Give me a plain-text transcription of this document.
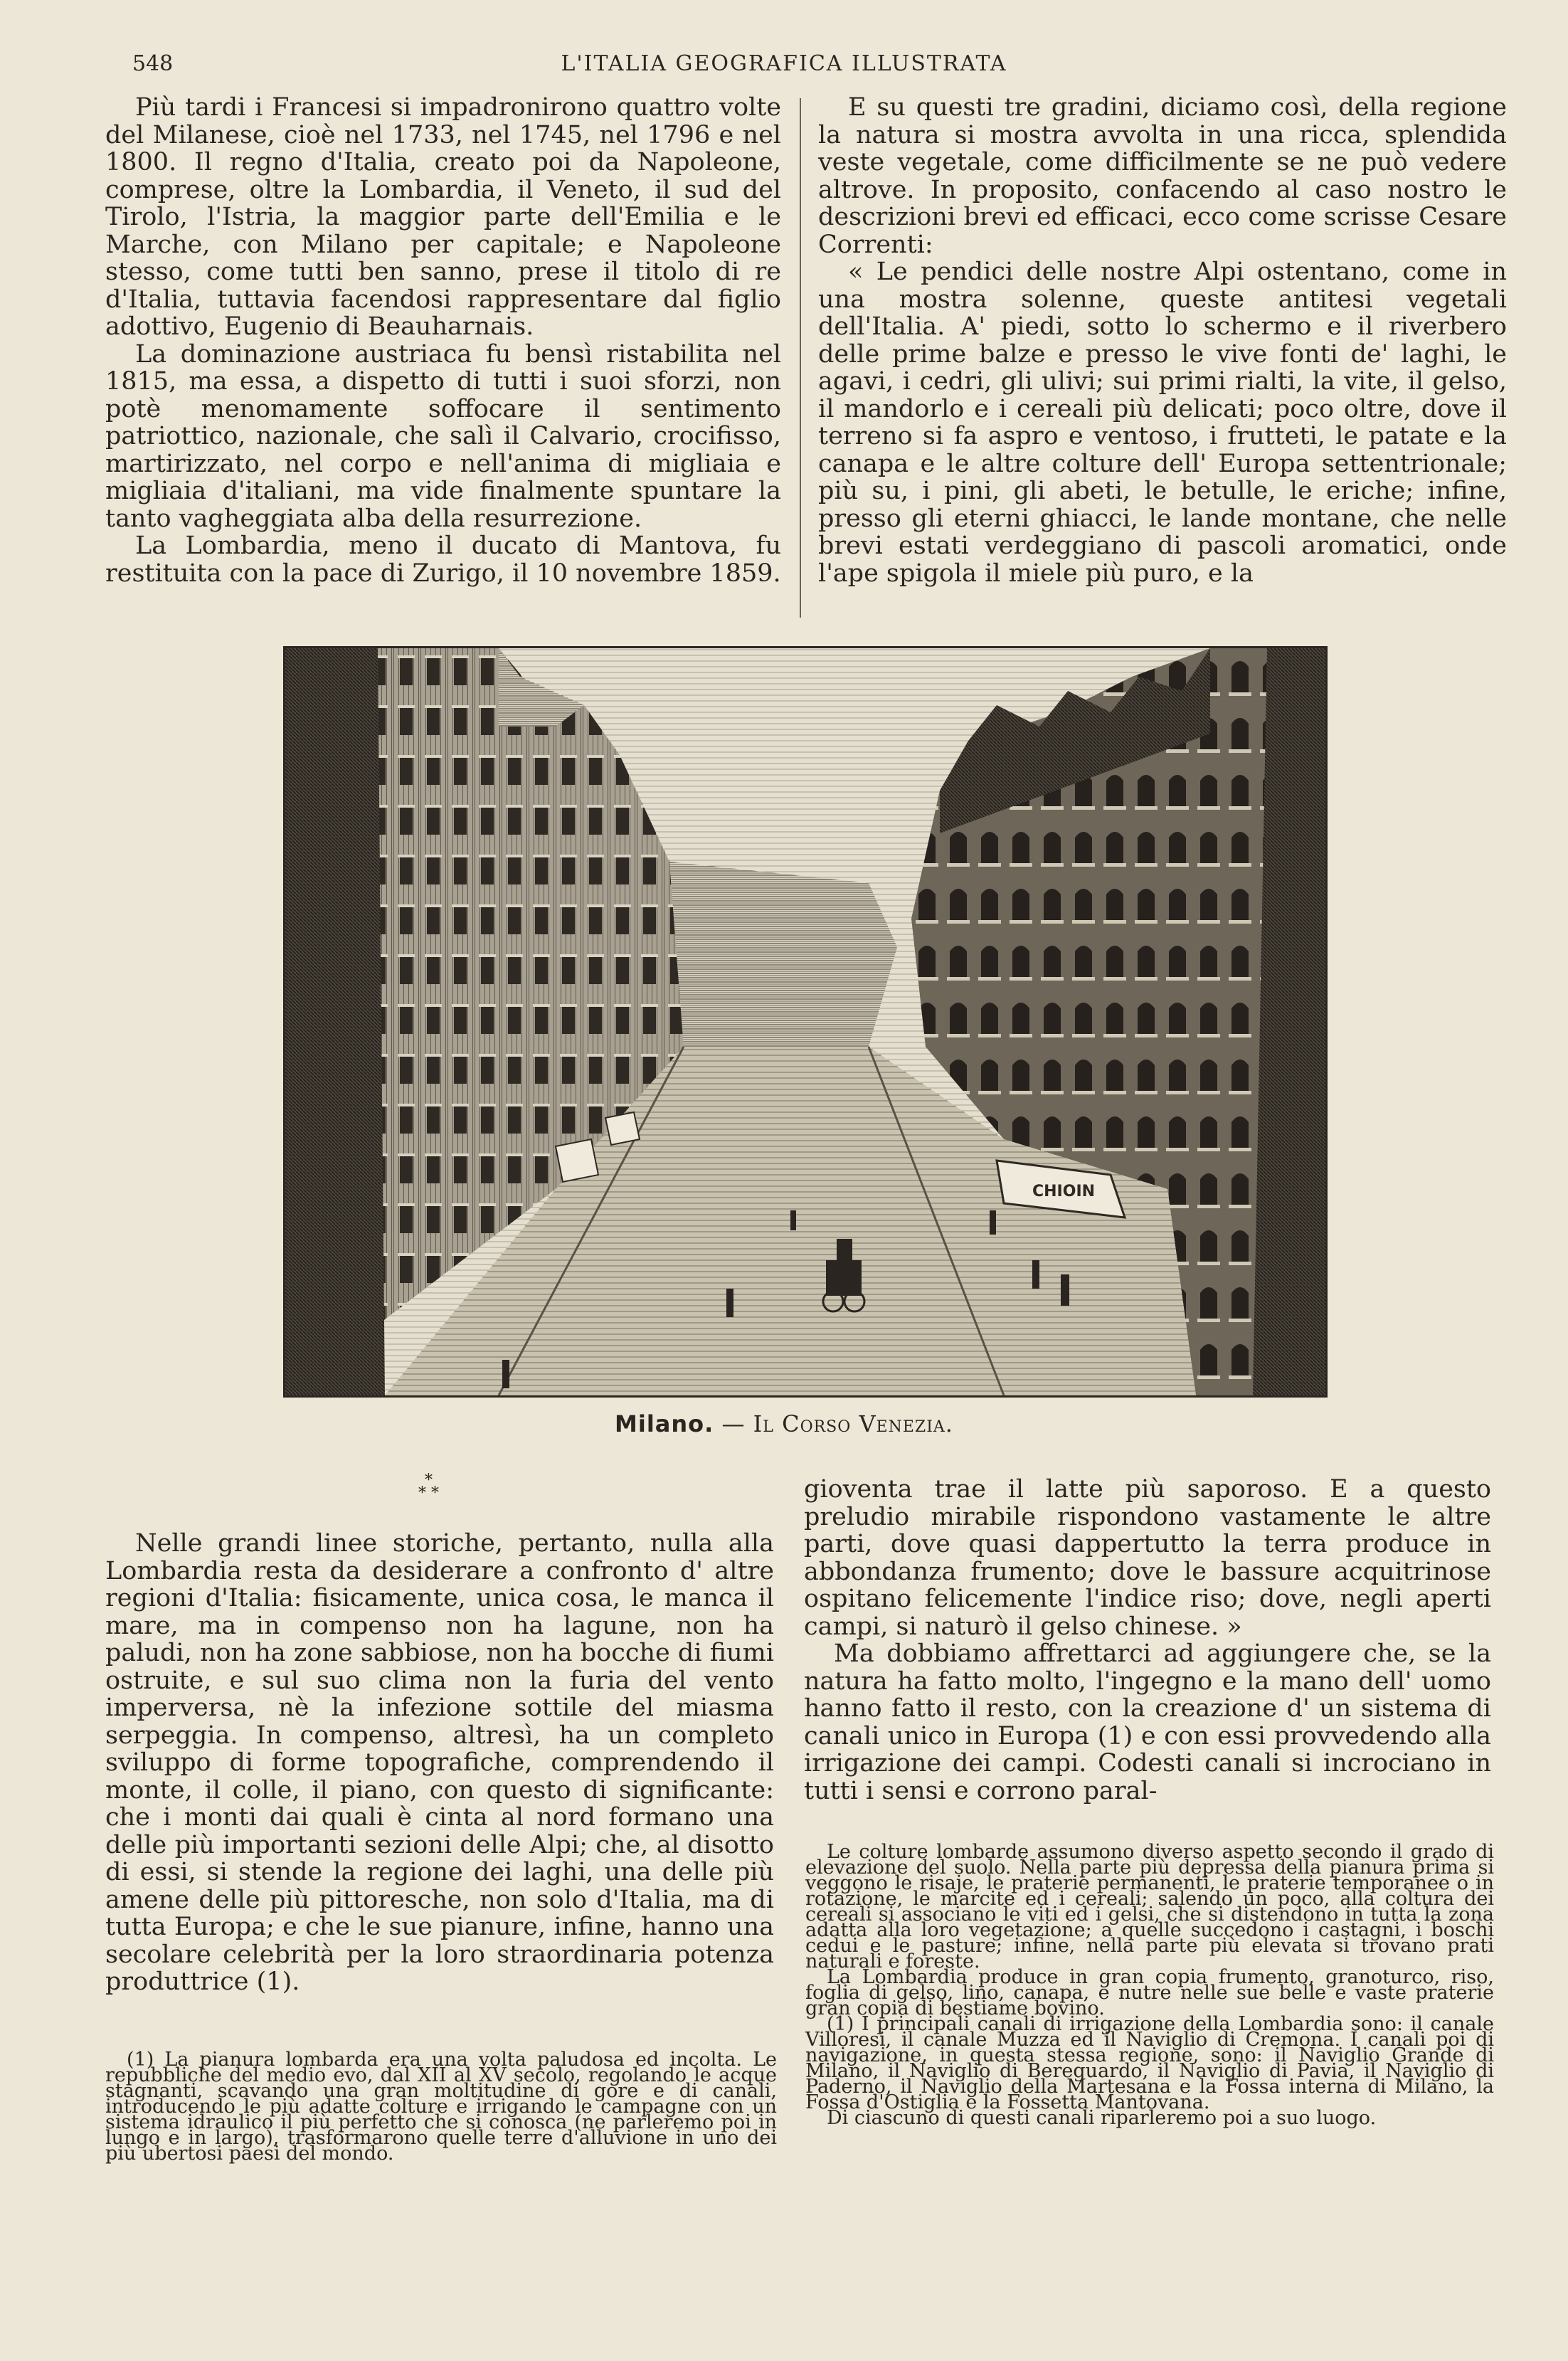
548	L'ITALIA GEOGRAFICA ILLUSTRATA

Più tardi i Francesi si impadronirono quattro volte del Milanese, cioè nel 1733, nel 1745, nel 1796 e nel 1800. Il regno d'Italia, creato poi da Napoleone, comprese, oltre la Lombardia, il Veneto, il sud del Tirolo, l'Istria, la maggior parte dell'Emilia e le Marche, con Milano per capitale; e Napoleone stesso, come tutti ben sanno, prese il titolo di re d'Italia, tuttavia facendosi rappresentare dal figlio adottivo, Eugenio di Beauharnais.

La dominazione austriaca fu bensì ristabilita nel 1815, ma essa, a dispetto di tutti i suoi sforzi, non potè menomamente soffocare il sentimento patriottico, nazionale, che salì il Calvario, crocifisso, martirizzato, nel corpo e nell'anima di migliaia e migliaia d'italiani, ma vide finalmente spuntare la tanto vagheggiata alba della resurrezione.

La Lombardia, meno il ducato di Mantova, fu restituita con la pace di Zurigo, il 10 novembre 1859.

E su questi tre gradini, diciamo così, della regione la natura si mostra avvolta in una ricca, splendida veste vegetale, come difficilmente se ne può vedere altrove. In proposito, confacendo al caso nostro le descrizioni brevi ed efficaci, ecco come scrisse Cesare Correnti:

« Le pendici delle nostre Alpi ostentano, come in una mostra solenne, queste antitesi vegetali dell'Italia. A' piedi, sotto lo schermo e il riverbero delle prime balze e presso le vive fonti de' laghi, le agavi, i cedri, gli ulivi; sui primi rialti, la vite, il gelso, il mandorlo e i cereali più delicati; poco oltre, dove il terreno si fa aspro e ventoso, i frutteti, le patate e la canapa e le altre colture dell' Europa settentrionale; più su, i pini, gli abeti, le betulle, le eriche; infine, presso gli eterni ghiacci, le lande montane, che nelle brevi estati verdeggiano di pascoli aromatici, onde l'ape spigola il miele più puro, e la

CHIOIN
Milano. — Il Corso Venezia.
*
* *

Nelle grandi linee storiche, pertanto, nulla alla Lombardia resta da desiderare a confronto d' altre regioni d'Italia: fisicamente, unica cosa, le manca il mare, ma in compenso non ha lagune, non ha paludi, non ha zone sabbiose, non ha bocche di fiumi ostruite, e sul suo clima non la furia del vento imperversa, nè la infezione sottile del miasma serpeggia. In compenso, altresì, ha un completo sviluppo di forme topografiche, comprendendo il monte, il colle, il piano, con questo di significante: che i monti dai quali è cinta al nord formano una delle più importanti sezioni delle Alpi; che, al disotto di essi, si stende la regione dei laghi, una delle più amene delle più pittoresche, non solo d'Italia, ma di tutta Europa; e che le sue pianure, infine, hanno una secolare celebrità per la loro straordinaria potenza produttrice (1).

gioventa trae il latte più saporoso. E a questo preludio mirabile rispondono vastamente le altre parti, dove quasi dappertutto la terra produce in abbondanza frumento; dove le bassure acquitrinose ospitano felicemente l'indice riso; dove, negli aperti campi, si naturò il gelso chinese. »

Ma dobbiamo affrettarci ad aggiungere che, se la natura ha fatto molto, l'ingegno e la mano dell' uomo hanno fatto il resto, con la creazione d' un sistema di canali unico in Europa (1) e con essi provvedendo alla irrigazione dei campi. Codesti canali si incrociano in tutti i sensi e corrono paral-

(1) La pianura lombarda era una volta paludosa ed incolta. Le repubbliche del medio evo, dal XII al XV secolo, regolando le acque stagnanti, scavando una gran moltitudine di gore e di canali, introducendo le più adatte colture e irrigando le campagne con un sistema idraulico il più perfetto che si conosca (ne parleremo poi in lungo e in largo), trasformarono quelle terre d'alluvione in uno dei più ubertosi paesi del mondo.

Le colture lombarde assumono diverso aspetto secondo il grado di elevazione del suolo. Nella parte più depressa della pianura prima si veggono le risaje, le praterie permanenti, le praterie temporanee o in rotazione, le marcite ed i cereali; salendo un poco, alla coltura dei cereali si associano le viti ed i gelsi, che si distendono in tutta la zona adatta alla loro vegetazione; a quelle succedono i castagni, i boschi cedui e le pasture; infine, nella parte più elevata si trovano prati naturali e foreste.

La Lombardia produce in gran copia frumento, granoturco, riso, foglia di gelso, lino, canapa, e nutre nelle sue belle e vaste praterie gran copia di bestiame bovino.

(1) I principali canali di irrigazione della Lombardia sono: il canale Villoresi, il canale Muzza ed il Naviglio di Cremona. I canali poi di navigazione, in questa stessa regione, sono: il Naviglio Grande di Milano, il Naviglio di Bereguardo, il Naviglio di Pavia, il Naviglio di Paderno, il Naviglio della Martesana e la Fossa interna di Milano, la Fossa d'Ostiglia e la Fossetta Mantovana.

Di ciascuno di questi canali riparleremo poi a suo luogo.
